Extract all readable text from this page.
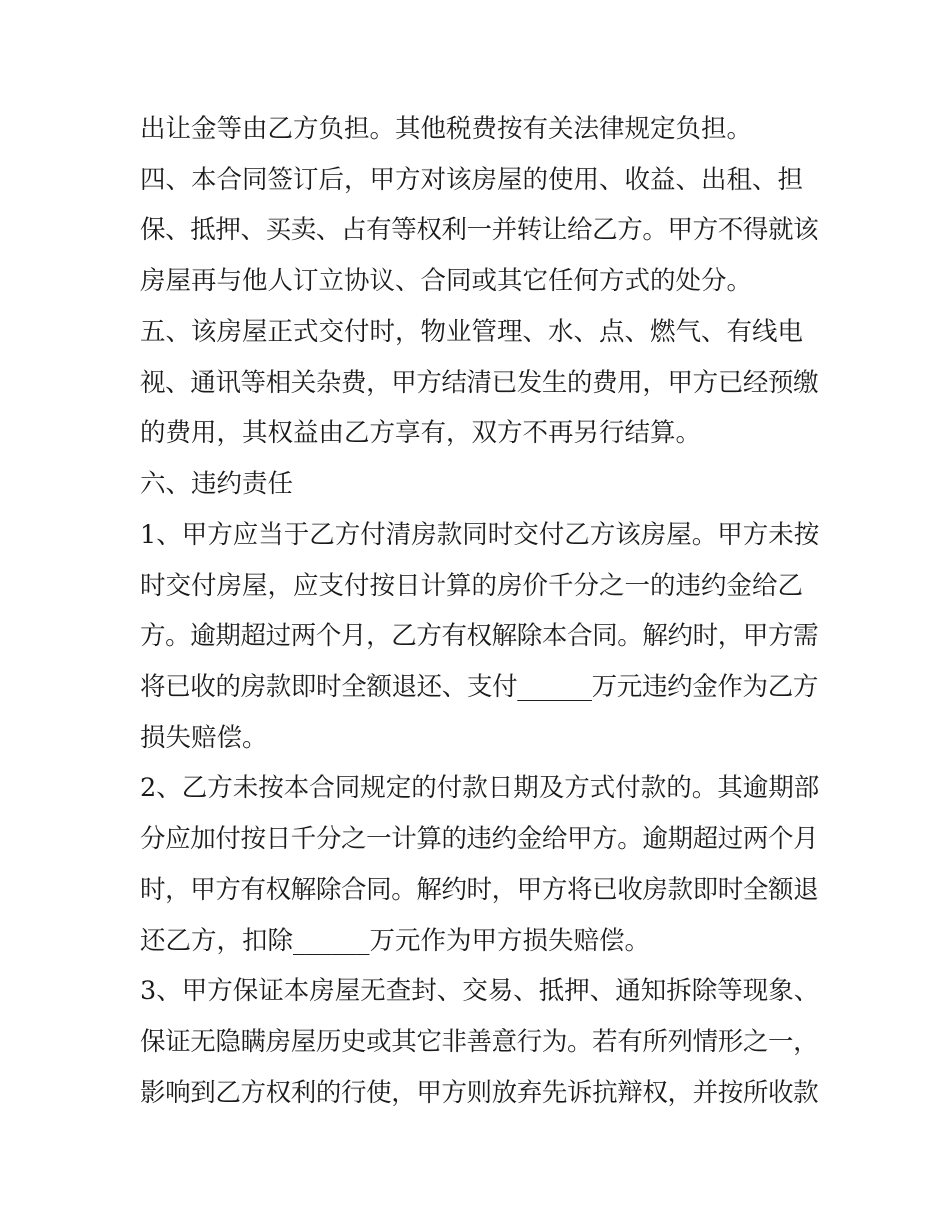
出让金等由乙方负担。其他税费按有关法律规定负担。
四、本合同签订后，甲方对该房屋的使用、收益、出租、担
保、抵押、买卖、占有等权利一并转让给乙方。甲方不得就该
房屋再与他人订立协议、合同或其它任何方式的处分。
五、该房屋正式交付时，物业管理、水、点、燃气、有线电
视、通讯等相关杂费，甲方结清已发生的费用，甲方已经预缴
的费用，其权益由乙方享有，双方不再另行结算。
六、违约责任
1、甲方应当于乙方付清房款同时交付乙方该房屋。甲方未按
时交付房屋，应支付按日计算的房价千分之一的违约金给乙
方。逾期超过两个月，乙方有权解除本合同。解约时，甲方需
将已收的房款即时全额退还、支付______万元违约金作为乙方
损失赔偿。
2、乙方未按本合同规定的付款日期及方式付款的。其逾期部
分应加付按日千分之一计算的违约金给甲方。逾期超过两个月
时，甲方有权解除合同。解约时，甲方将已收房款即时全额退
还乙方，扣除______万元作为甲方损失赔偿。
3、甲方保证本房屋无查封、交易、抵押、通知拆除等现象、
保证无隐瞒房屋历史或其它非善意行为。若有所列情形之一，
影响到乙方权利的行使，甲方则放弃先诉抗辩权，并按所收款
